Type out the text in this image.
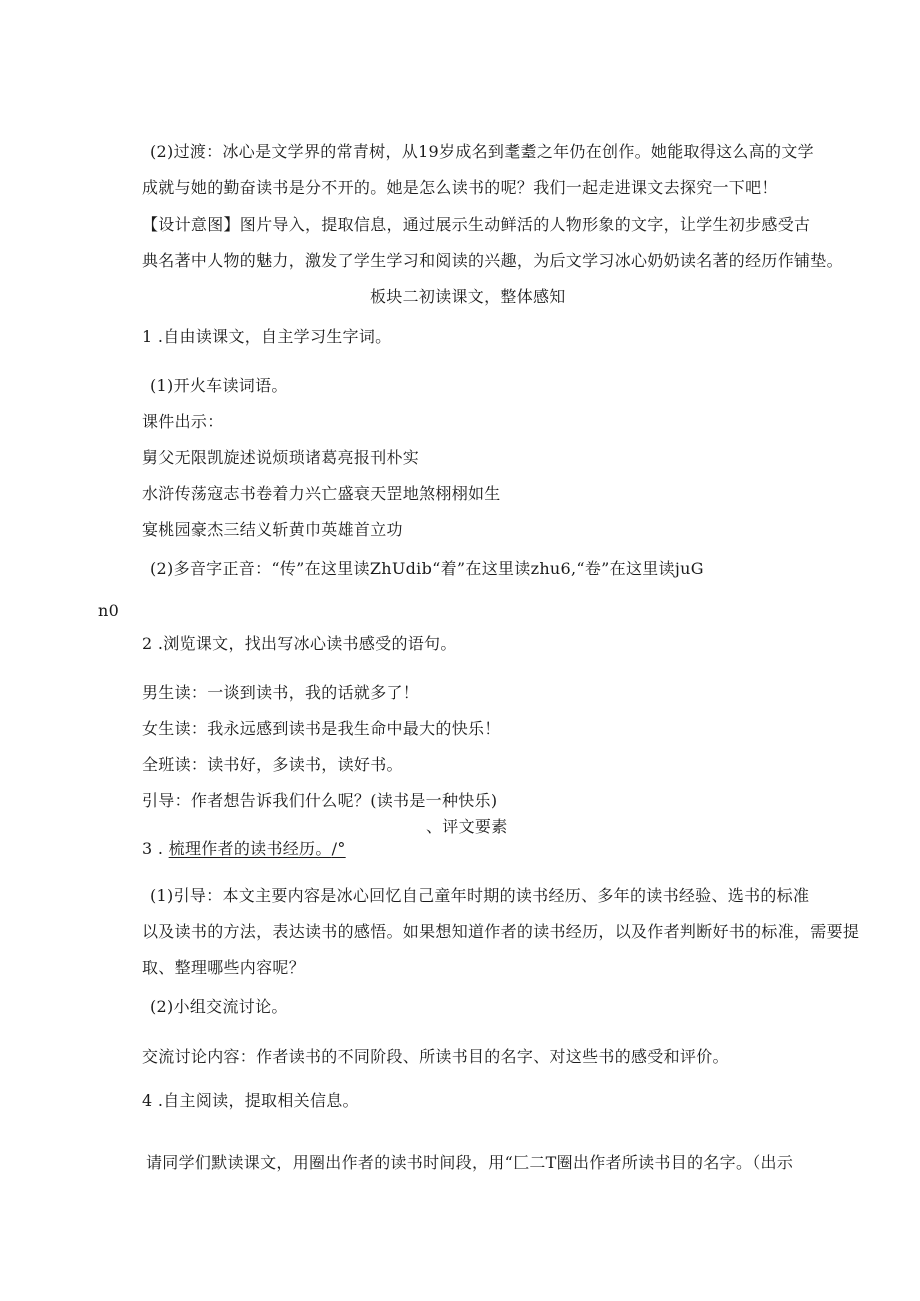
(2)过渡：冰心是文学界的常青树，从19岁成名到耄耋之年仍在创作。她能取得这么高的文学

成就与她的勤奋读书是分不开的。她是怎么读书的呢？我们一起走进课文去探究一下吧！

【设计意图】图片导入，提取信息，通过展示生动鲜活的人物形象的文字，让学生初步感受古

典名著中人物的魅力，激发了学生学习和阅读的兴趣，为后文学习冰心奶奶读名著的经历作铺垫。

板块二初读课文，整体感知

1 .自由读课文，自主学习生字词。

(1)开火车读词语。

课件出示：

舅父无限凯旋述说烦琐诸葛亮报刊朴实

水浒传荡寇志书卷着力兴亡盛衰天罡地煞栩栩如生

宴桃园豪杰三结义斩黄巾英雄首立功

(2)多音字正音：“传”在这里读ZhUdib“着”在这里读zhu6,“卷”在这里读juG

n0

2 .浏览课文，找出写冰心读书感受的语句。

男生读：一谈到读书，我的话就多了！

女生读：我永远感到读书是我生命中最大的快乐！

全班读：读书好，多读书，读好书。

引导：作者想告诉我们什么呢？(读书是一种快乐)

、评文要素

3 . 梳理作者的读书经历。/°

(1)引导：本文主要内容是冰心回忆自己童年时期的读书经历、多年的读书经验、选书的标准

以及读书的方法，表达读书的感悟。如果想知道作者的读书经历，以及作者判断好书的标准，需要提

取、整理哪些内容呢？

(2)小组交流讨论。

交流讨论内容：作者读书的不同阶段、所读书目的名字、对这些书的感受和评价。

4 .自主阅读，提取相关信息。

请同学们默读课文，用圈出作者的读书时间段，用“匚二T圈出作者所读书目的名字。（出示
